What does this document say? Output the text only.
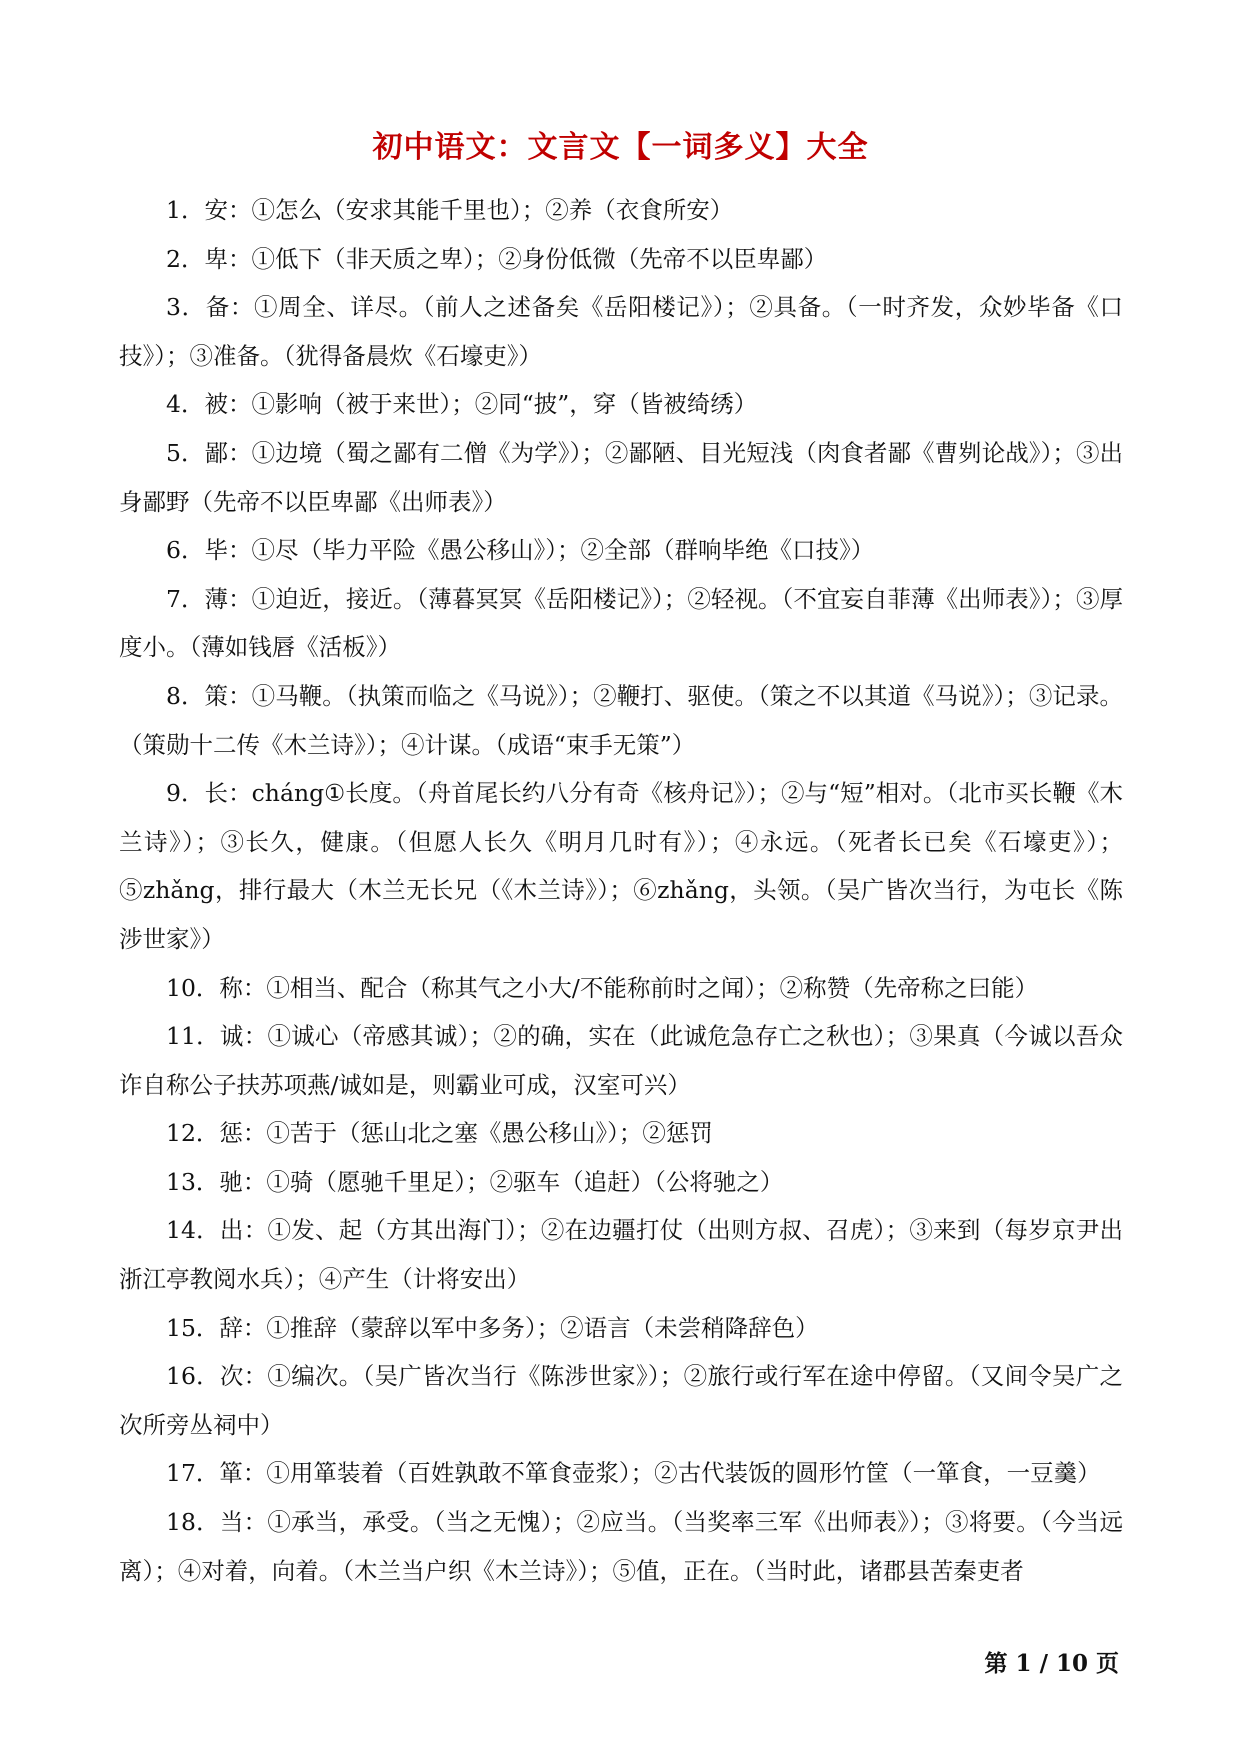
初中语文：文言文【一词多义】大全

1．安：①怎么（安求其能千里也）；②养（衣食所安）

2．卑：①低下（非天质之卑）；②身份低微（先帝不以臣卑鄙）

3．备：①周全、详尽。（前人之述备矣《岳阳楼记》）；②具备。（一时齐发，众妙毕备《口技》）；③准备。（犹得备晨炊《石壕吏》）

4．被：①影响（被于来世）；②同“披”，穿（皆被绮绣）

5．鄙：①边境（蜀之鄙有二僧《为学》）；②鄙陋、目光短浅（肉食者鄙《曹刿论战》）；③出身鄙野（先帝不以臣卑鄙《出师表》）

6．毕：①尽（毕力平险《愚公移山》）；②全部（群响毕绝《口技》）

7．薄：①迫近，接近。（薄暮冥冥《岳阳楼记》）；②轻视。（不宜妄自菲薄《出师表》）；③厚度小。（薄如钱唇《活板》）

8．策：①马鞭。（执策而临之《马说》）；②鞭打、驱使。（策之不以其道《马说》）；③记录。（策勋十二传《木兰诗》）；④计谋。（成语“束手无策”）

9．长：cháng①长度。（舟首尾长约八分有奇《核舟记》）；②与“短”相对。（北市买长鞭《木兰诗》）；③长久，健康。（但愿人长久《明月几时有》）；④永远。（死者长已矣《石壕吏》）；⑤zhǎng，排行最大（木兰无长兄（《木兰诗》）；⑥zhǎng，头领。（吴广皆次当行，为屯长《陈涉世家》）

10．称：①相当、配合（称其气之小大/不能称前时之闻）；②称赞（先帝称之曰能）

11．诚：①诚心（帝感其诚）；②的确，实在（此诚危急存亡之秋也）；③果真（今诚以吾众诈自称公子扶苏项燕/诚如是，则霸业可成，汉室可兴）

12．惩：①苦于（惩山北之塞《愚公移山》）；②惩罚

13．驰：①骑（愿驰千里足）；②驱车（追赶）（公将驰之）

14．出：①发、起（方其出海门）；②在边疆打仗（出则方叔、召虎）；③来到（每岁京尹出浙江亭教阅水兵）；④产生（计将安出）

15．辞：①推辞（蒙辞以军中多务）；②语言（未尝稍降辞色）

16．次：①编次。（吴广皆次当行《陈涉世家》）；②旅行或行军在途中停留。（又间令吴广之次所旁丛祠中）

17．箪：①用箪装着（百姓孰敢不箪食壶浆）；②古代装饭的圆形竹筐（一箪食，一豆羹）

18．当：①承当，承受。（当之无愧）；②应当。（当奖率三军《出师表》）；③将要。（今当远离）；④对着，向着。（木兰当户织《木兰诗》）；⑤值，正在。（当时此，诸郡县苦秦吏者

第 1 / 10 页
